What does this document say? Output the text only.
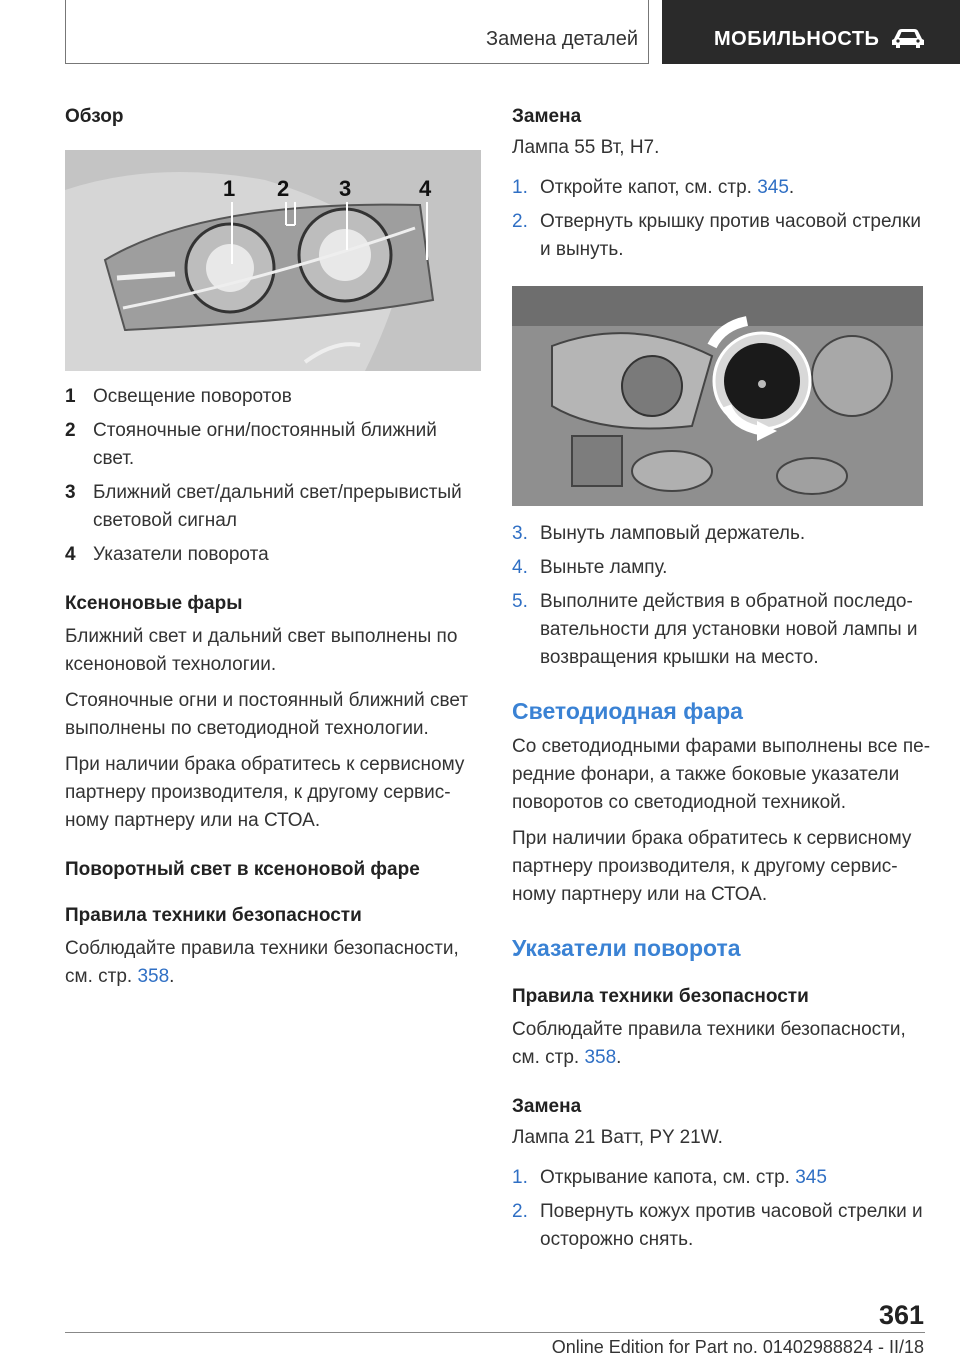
Замена деталей	МОБИЛЬНОСТЬ
Обзор
1 2 3	4
1 Освещение поворотов
2 Стояночные огни/постоянный ближний свет.
3 Ближний свет/дальний свет/прерывистый световой сигнал
4 Указатели поворота
Ксеноновые фары

Ближний свет и дальний свет выполнены по ксеноновой технологии.

Стояночные огни и постоянный ближний свет выполнены по светодиодной технологии.

При наличии брака обратитесь к сервисному партнеру производителя, к другому сервис-ному партнеру или на СТОА.

Поворотный свет в ксеноновой фаре
Правила техники безопасности

Соблюдайте правила техники безопасности, см. стр. 358.

Замена

Лампа 55 Вт, H7.

1. Откройте капот, см. стр. 345.
2. Отвернуть крышку против часовой стрелки и вынуть.
3. Вынуть ламповый держатель.
4. Выньте лампу.
5. Выполните действия в обратной последо-вательности для установки новой лампы и возвращения крышки на место.
Светодиодная фара

Со светодиодными фарами выполнены все пе-редние фонари, а также боковые указатели поворотов со светодиодной техникой.

При наличии брака обратитесь к сервисному партнеру производителя, к другому сервис-ному партнеру или на СТОА.

Указатели поворота
Правила техники безопасности

Соблюдайте правила техники безопасности, см. стр. 358.

Замена

Лампа 21 Ватт, PY 21W.

1. Открывание капота, см. стр. 345
2. Повернуть кожух против часовой стрелки и осторожно снять.
361
Online Edition for Part no. 01402988824 - II/18
